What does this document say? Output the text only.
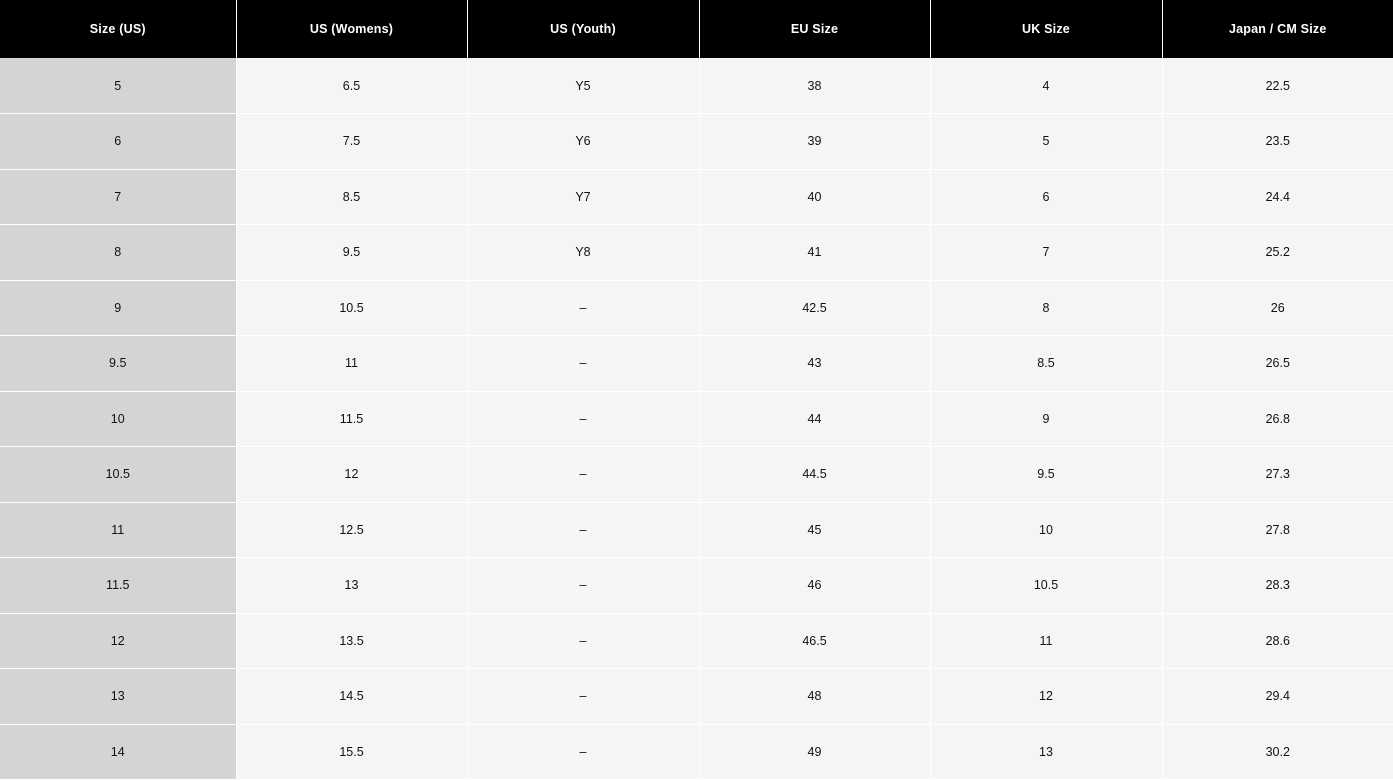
Size (US)	US (Womens)	US (Youth)	EU Size	UK Size	Japan / CM Size
5	6.5	Y5	38	4	22.5
6	7.5	Y6	39	5	23.5
7	8.5	Y7	40	6	24.4
8	9.5	Y8	41	7	25.2
9	10.5	–	42.5	8	26
9.5	11	–	43	8.5	26.5
10	11.5	–	44	9	26.8
10.5	12	–	44.5	9.5	27.3
11	12.5	–	45	10	27.8
11.5	13	–	46	10.5	28.3
12	13.5	–	46.5	11	28.6
13	14.5	–	48	12	29.4
14	15.5	–	49	13	30.2
